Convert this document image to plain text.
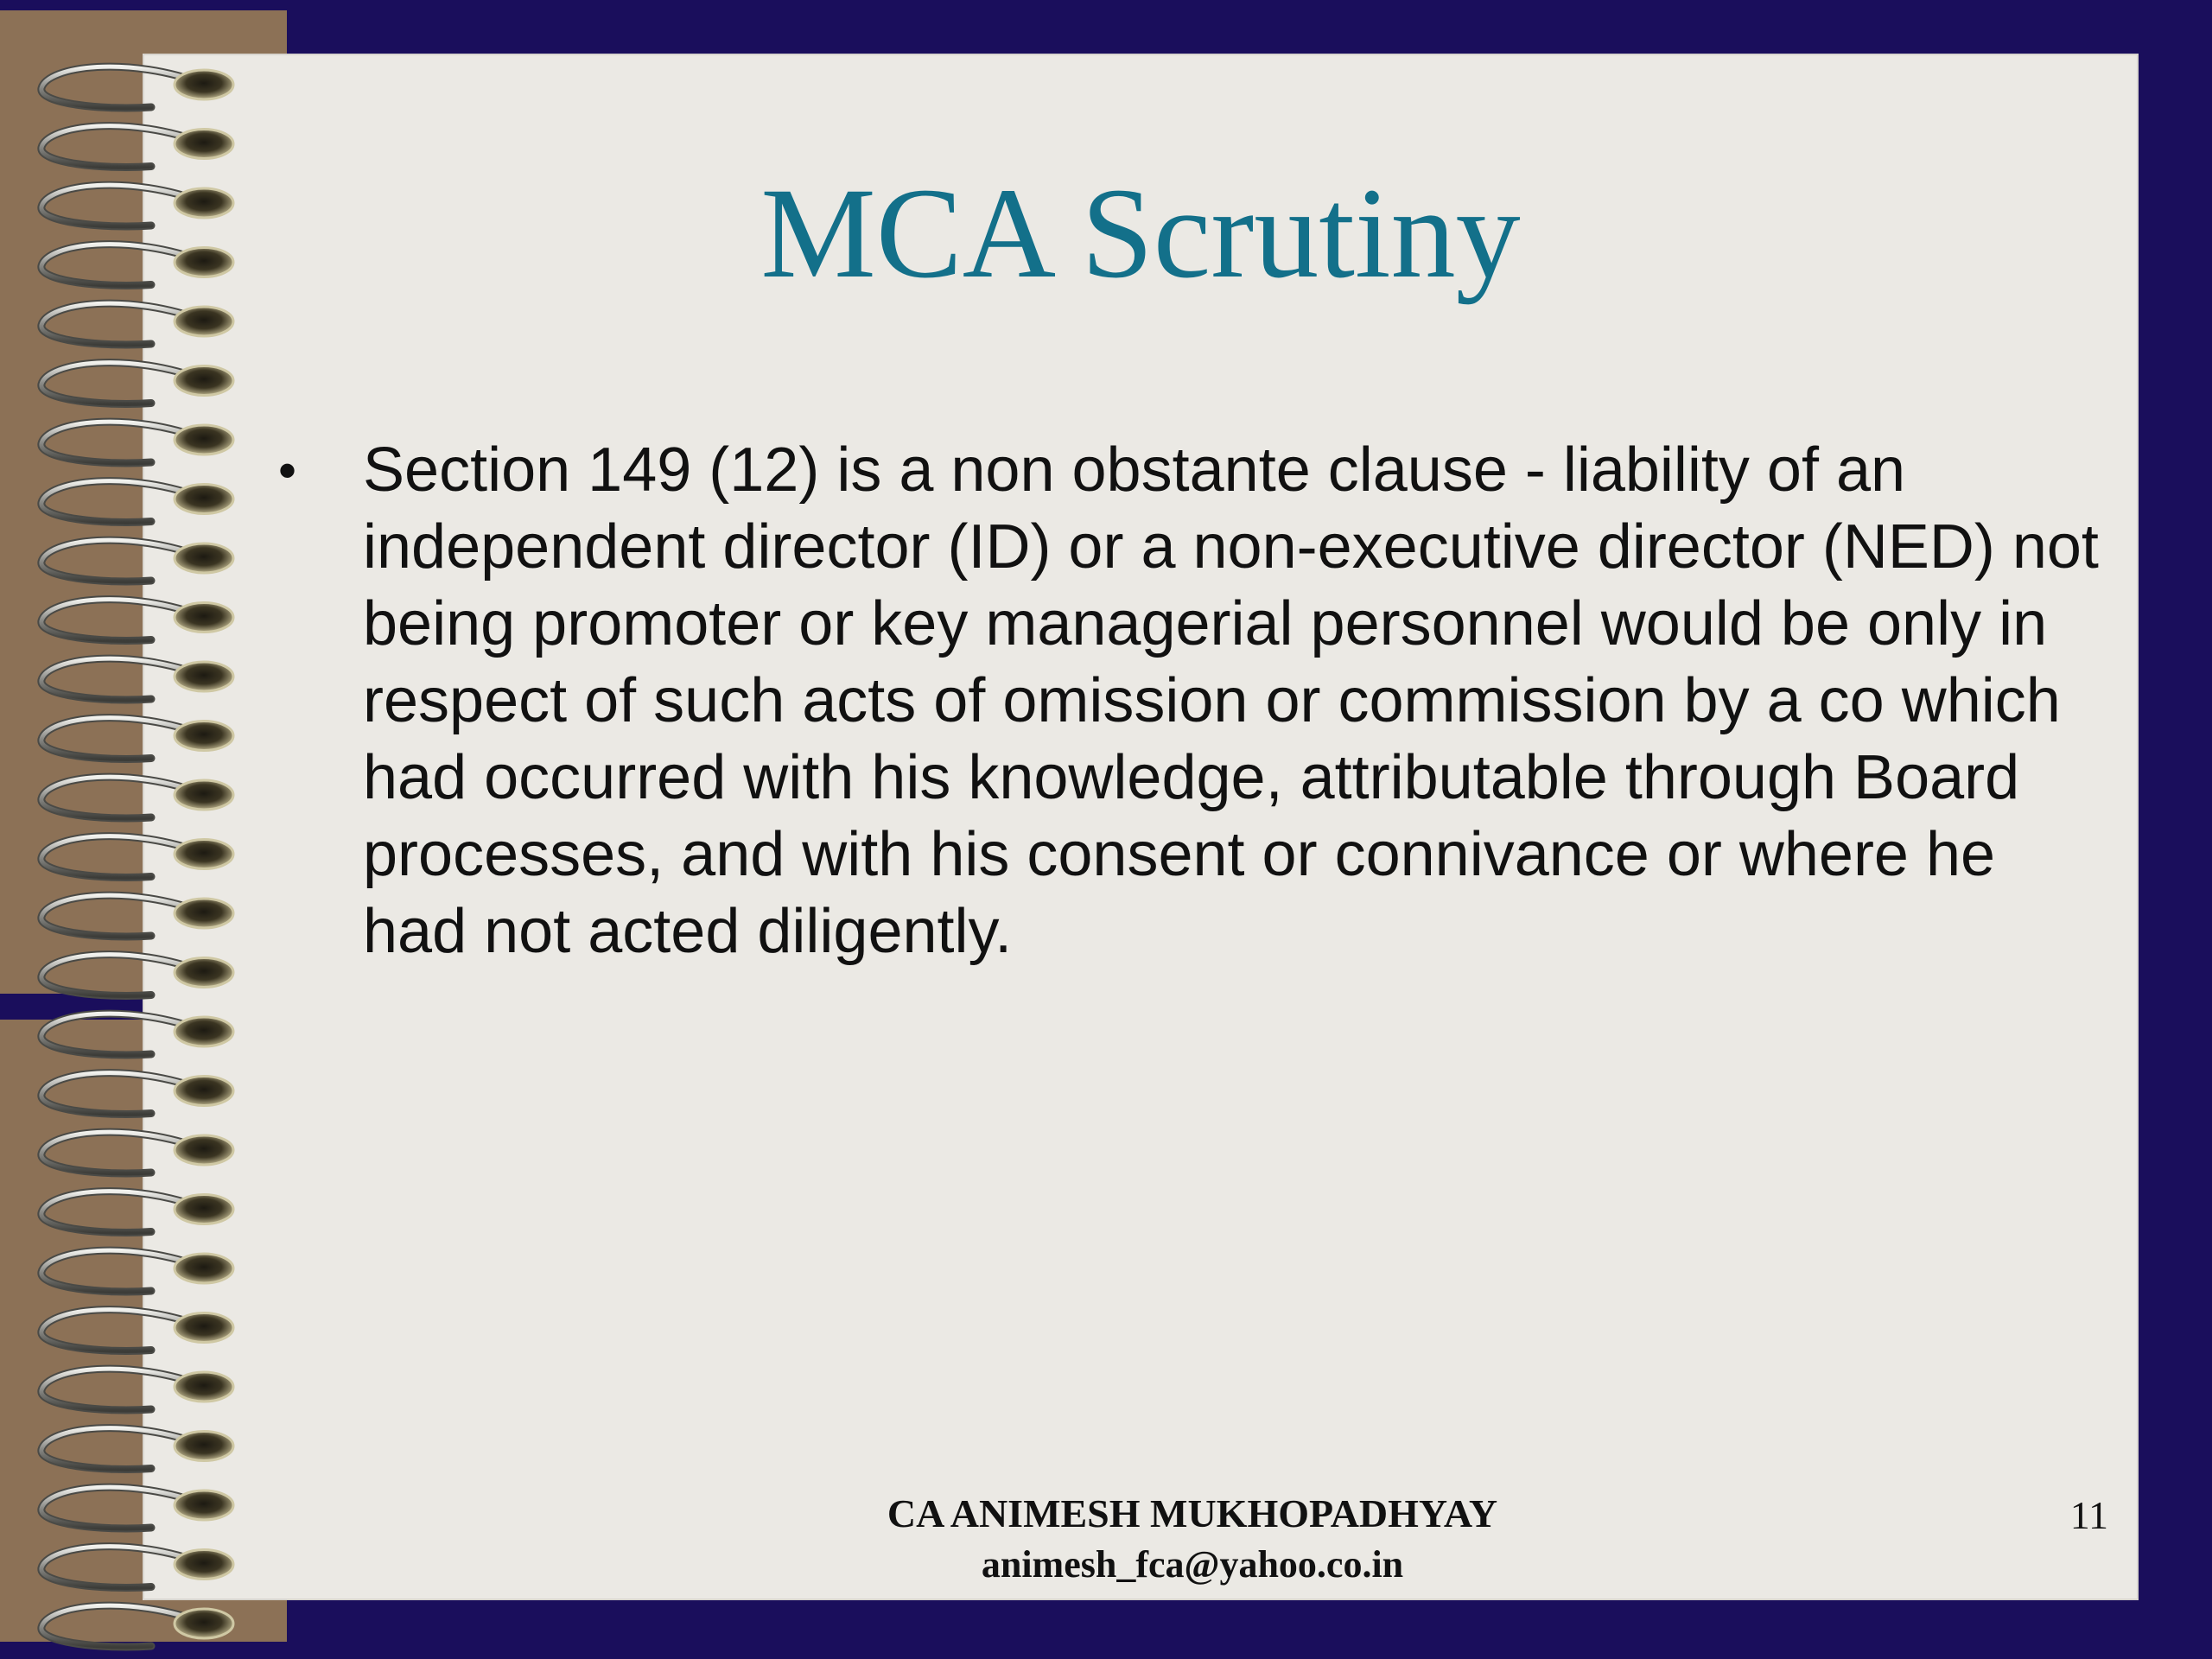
MCA Scrutiny
• Section 149 (12) is a non obstante clause - liability of an independent director (ID) or a non-executive director (NED) not being promoter or key managerial personnel would be only in respect of such acts of omission or commission by a co which had occurred with his knowledge, attributable through Board processes, and with his consent or connivance or where he had not acted diligently.
CA ANIMESH MUKHOPADHYAY
animesh_fca@yahoo.co.in
11
